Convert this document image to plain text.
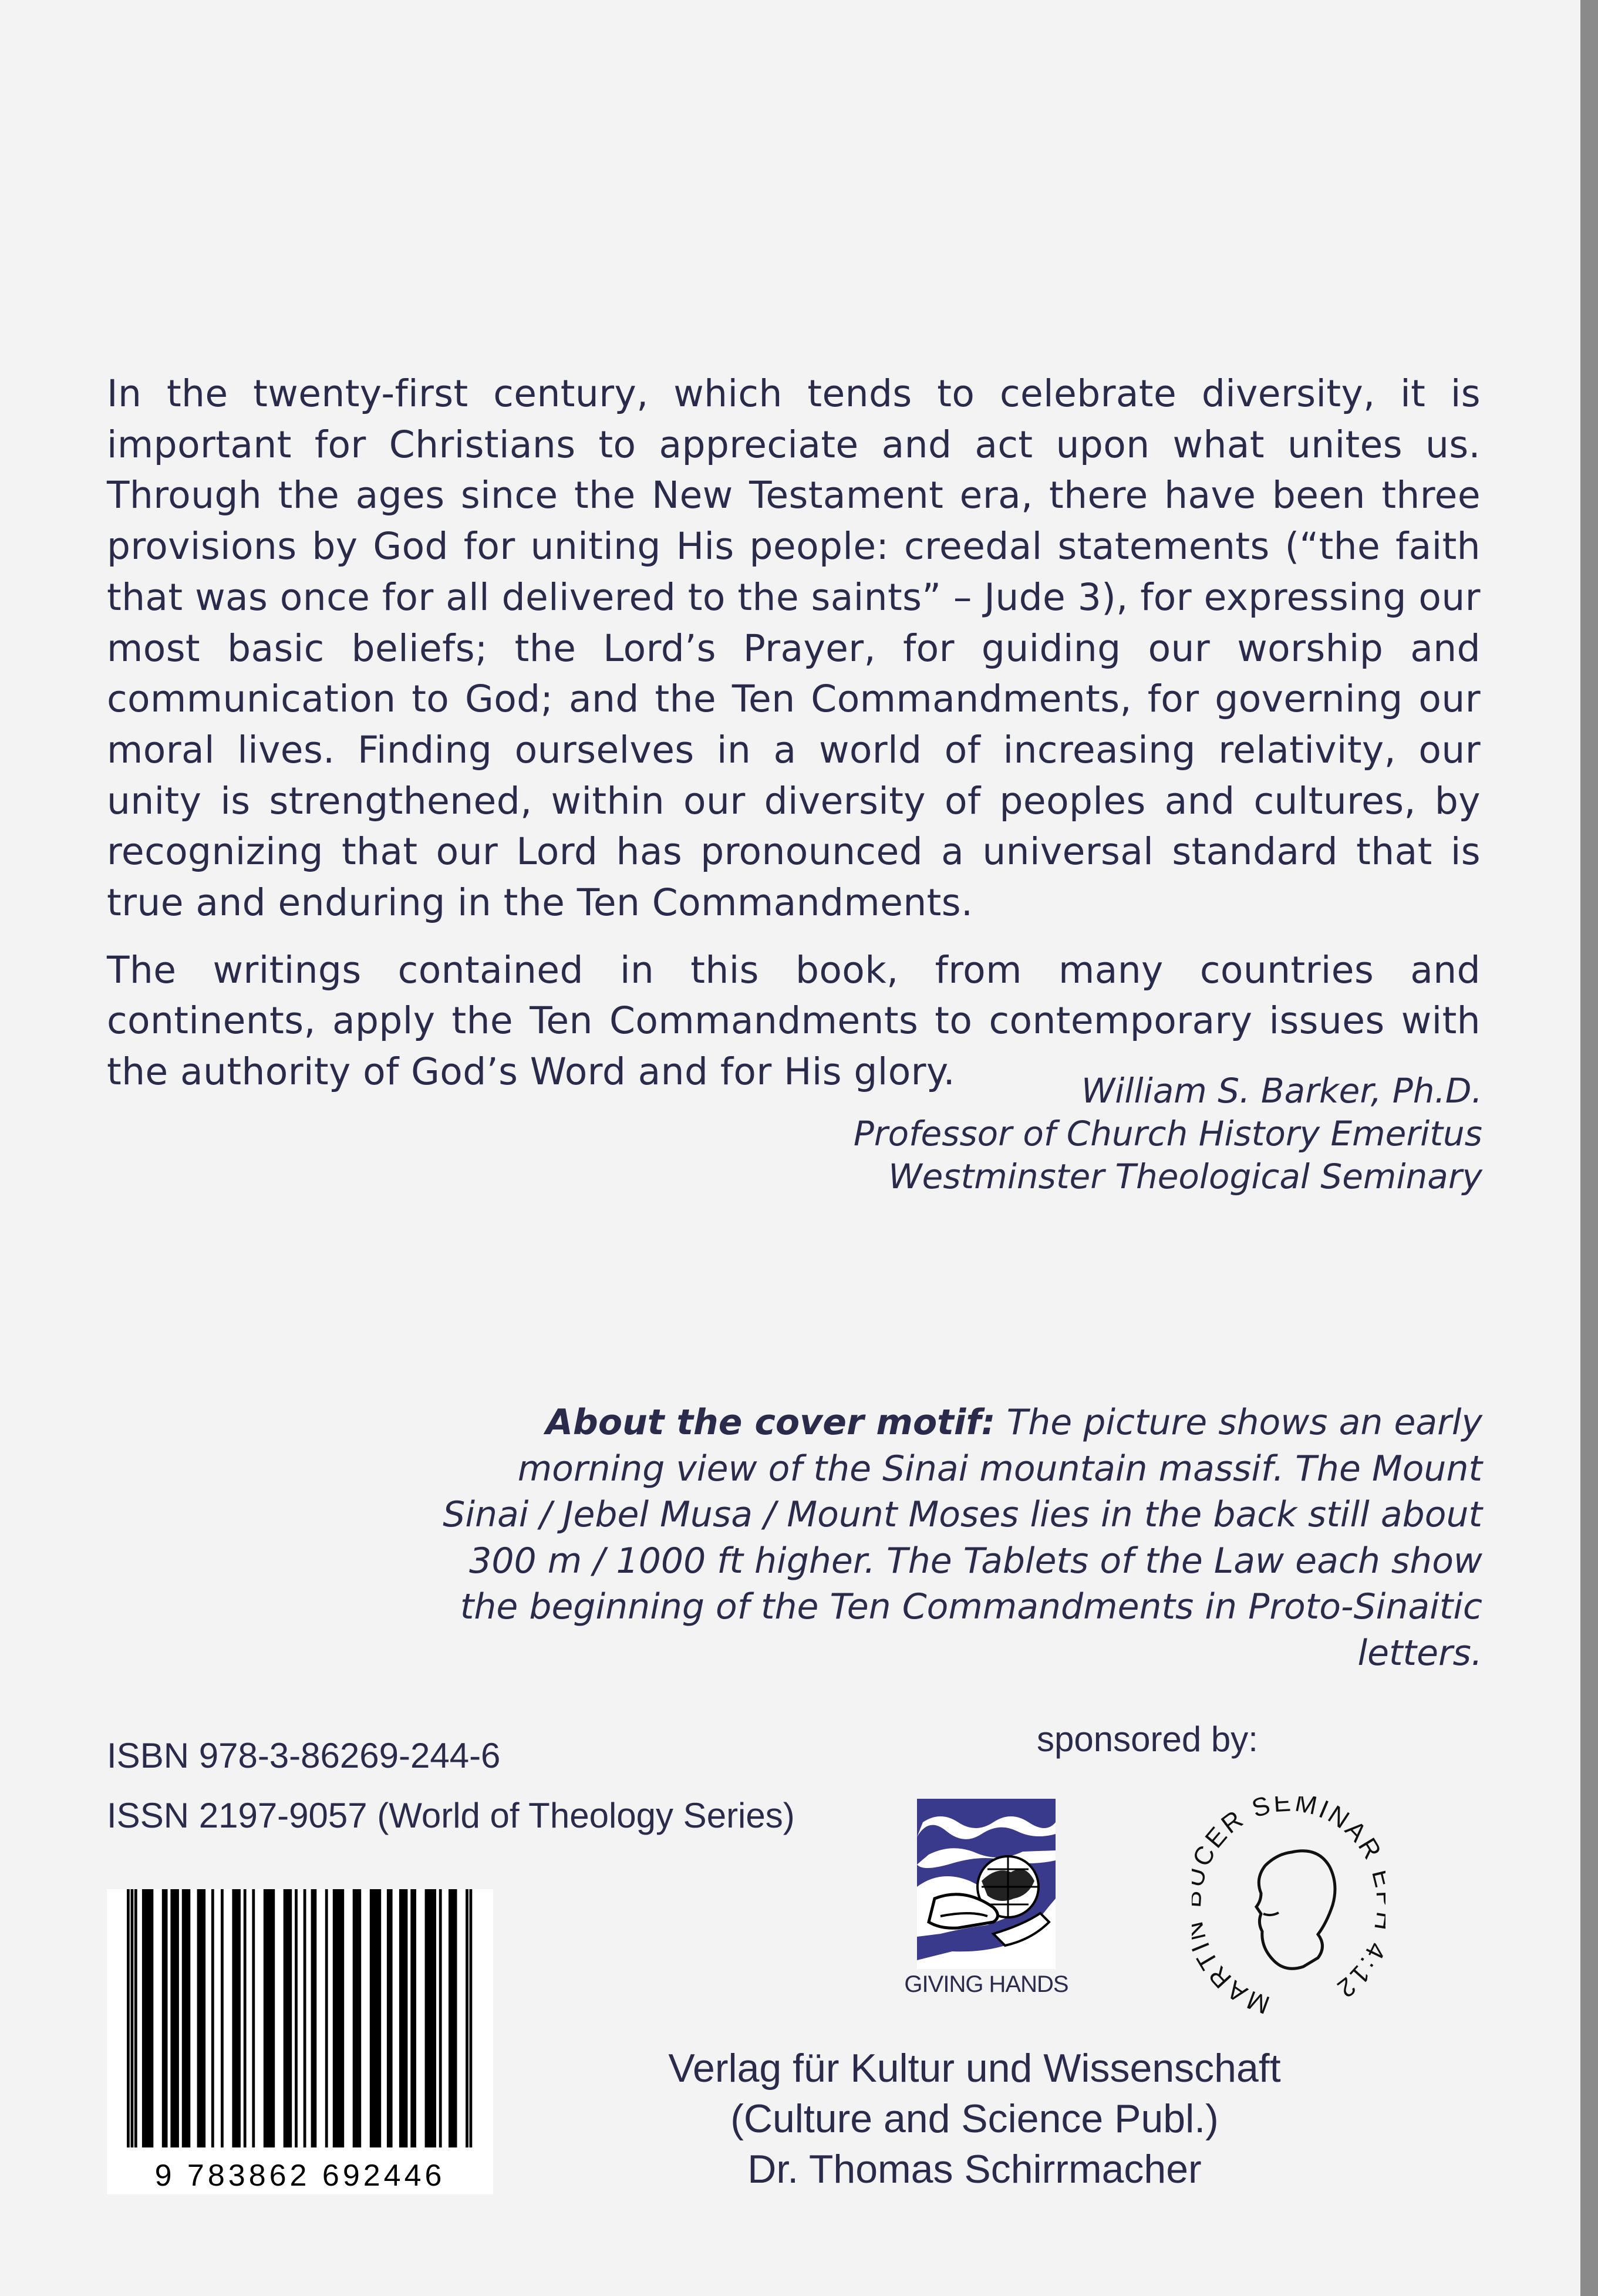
In the twenty-first century, which tends to celebrate diversity, it is important for Christians to appreciate and act upon what unites us. Through the ages since the New Testament era, there have been three provisions by God for uniting His people: creedal statements (“the faith that was once for all delivered to the saints” – Jude 3), for expressing our most basic beliefs; the Lord’s Prayer, for guiding our worship and communication to God; and the Ten Commandments, for governing our moral lives. Finding ourselves in a world of increasing relativity, our unity is strengthened, within our diversity of peoples and cultures, by recognizing that our Lord has pronounced a universal standard that is true and enduring in the Ten Commandments.

The writings contained in this book, from many countries and continents, apply the Ten Commandments to contemporary issues with the authority of God’s Word and for His glory.	William S. Barker, Ph.D.
Professor of Church History Emeritus
Westminster Theological Seminary
About the cover motif: The picture shows an early morning view of the Sinai mountain massif. The Mount Sinai / Jebel Musa / Mount Moses lies in the back still about 300 m / 1000 ft higher. The Tablets of the Law each show the beginning of the Ten Commandments in Proto-Sinaitic letters.
ISBN 978-3-86269-244-6
ISSN 2197-9057 (World of Theology Series)
sponsored by:
9 783862 692446
GIVING HANDS	MART ER SEMINAR :12
Verlag für Kultur und Wissenschaft
(Culture and Science Publ.)
Dr. Thomas Schirrmacher
